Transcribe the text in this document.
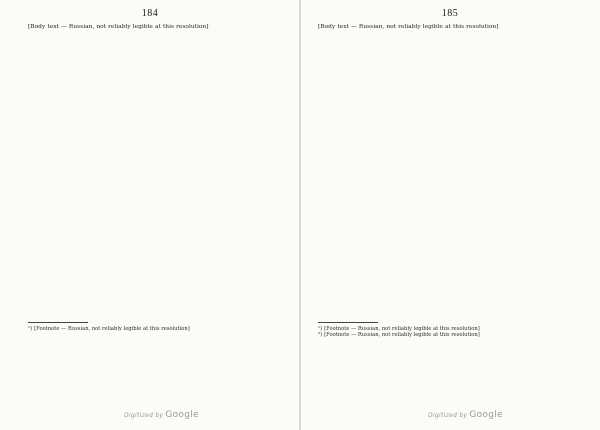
184
[Body text — Russian, not reliably legible at this resolution]

¹) [Footnote — Russian, not reliably legible at this resolution]

Digitized by Google
185
[Body text — Russian, not reliably legible at this resolution]

¹) [Footnote — Russian, not reliably legible at this resolution]

²) [Footnote — Russian, not reliably legible at this resolution]

Digitized by Google
